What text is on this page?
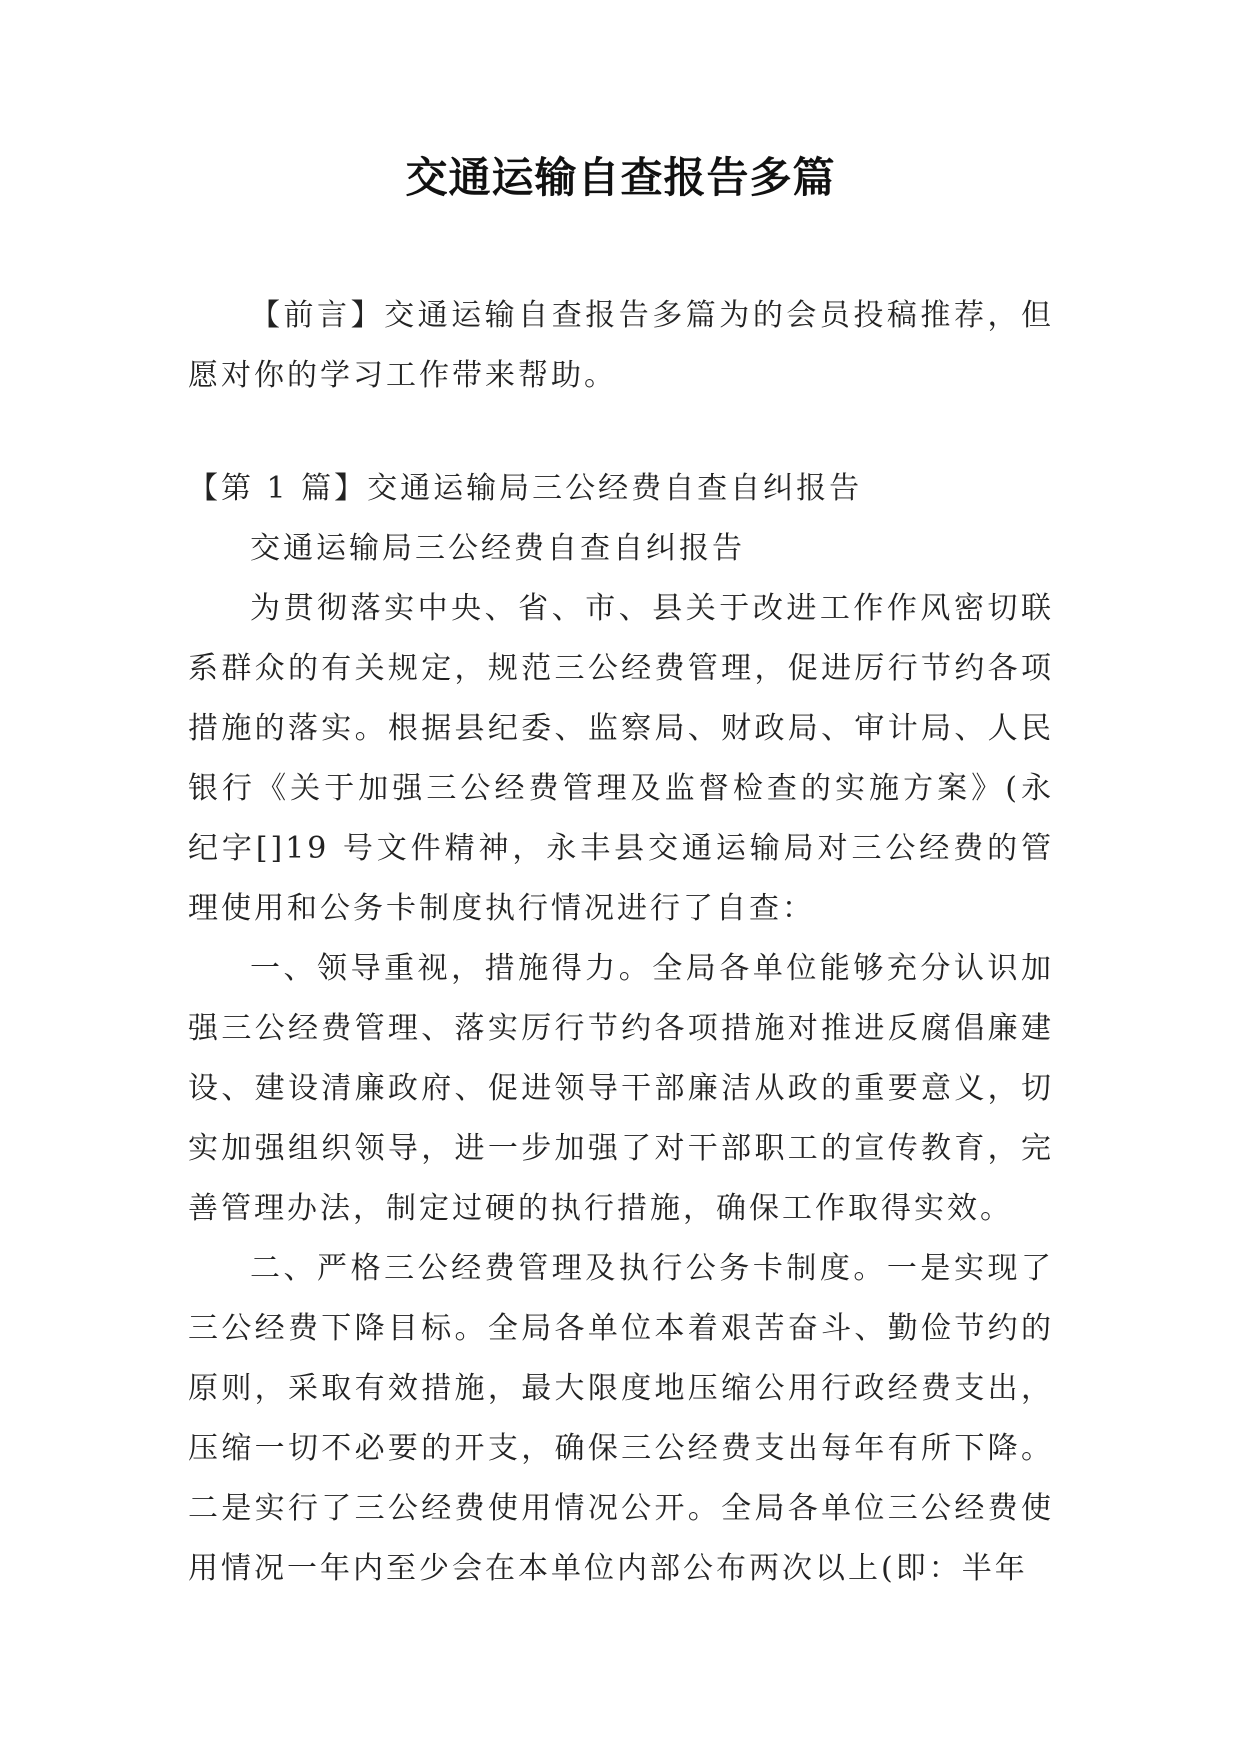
交通运输自查报告多篇

【前言】交通运输自查报告多篇为的会员投稿推荐，但愿对你的学习工作带来帮助。

【第 1 篇】交通运输局三公经费自查自纠报告

交通运输局三公经费自查自纠报告

为贯彻落实中央、省、市、县关于改进工作作风密切联系群众的有关规定，规范三公经费管理，促进厉行节约各项措施的落实。根据县纪委、监察局、财政局、审计局、人民银行《关于加强三公经费管理及监督检查的实施方案》(永纪字[]19 号文件精神，永丰县交通运输局对三公经费的管理使用和公务卡制度执行情况进行了自查：

一、领导重视，措施得力。全局各单位能够充分认识加强三公经费管理、落实厉行节约各项措施对推进反腐倡廉建设、建设清廉政府、促进领导干部廉洁从政的重要意义，切实加强组织领导，进一步加强了对干部职工的宣传教育，完善管理办法，制定过硬的执行措施，确保工作取得实效。

二、严格三公经费管理及执行公务卡制度。一是实现了三公经费下降目标。全局各单位本着艰苦奋斗、勤俭节约的原则，采取有效措施，最大限度地压缩公用行政经费支出，压缩一切不必要的开支，确保三公经费支出每年有所下降。二是实行了三公经费使用情况公开。全局各单位三公经费使用情况一年内至少会在本单位内部公布两次以上(即：半年
